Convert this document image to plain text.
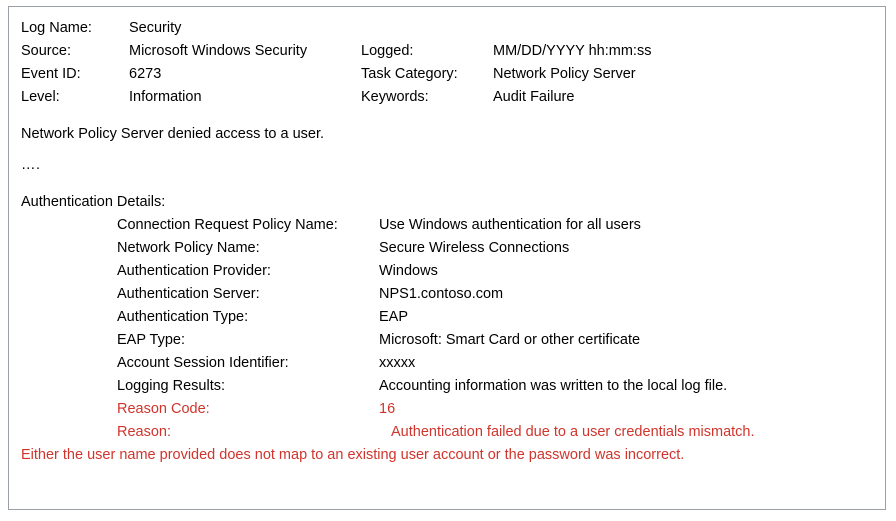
Log Name:	Security
Source:	Microsoft Windows Security	Logged:	MM/DD/YYYY hh:mm:ss
Event ID:	6273	Task Category:	Network Policy Server
Level:	Information	Keywords:	Audit Failure
Network Policy Server denied access to a user.
….
Authentication Details:
Connection Request Policy Name:	Use Windows authentication for all users
Network Policy Name:	Secure Wireless Connections
Authentication Provider:	Windows
Authentication Server:	NPS1.contoso.com
Authentication Type:	EAP
EAP Type:	Microsoft: Smart Card or other certificate
Account Session Identifier:	xxxxx
Logging Results:	Accounting information was written to the local log file.
Reason Code:	16
Reason:	Authentication failed due to a user credentials mismatch.
Either the user name provided does not map to an existing user account or the password was incorrect.
